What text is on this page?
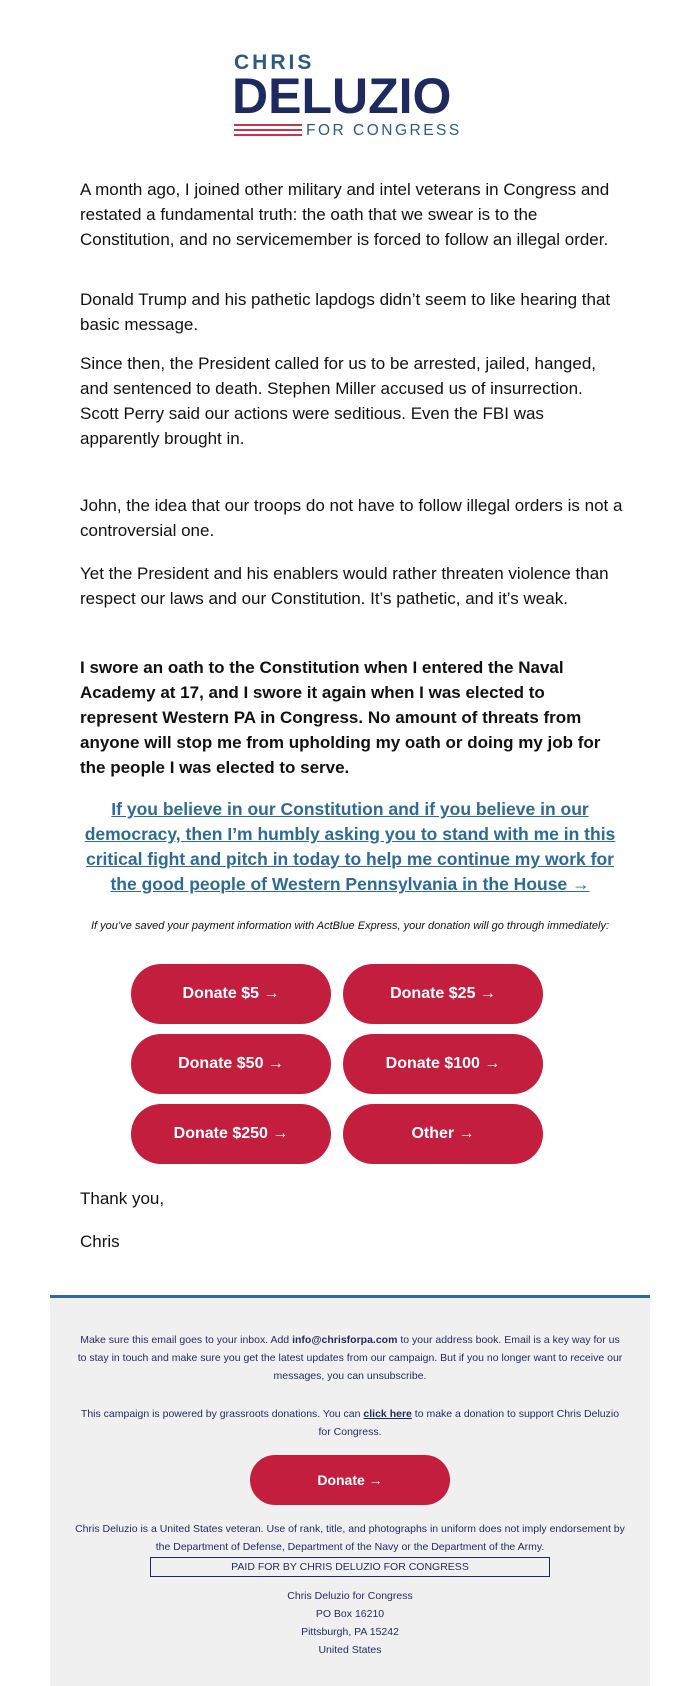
CHRIS
DELUZIO
FOR CONGRESS

A month ago, I joined other military and intel veterans in Congress and restated a fundamental truth: the oath that we swear is to the Constitution, and no servicemember is forced to follow an illegal order.

Donald Trump and his pathetic lapdogs didn’t seem to like hearing that basic message.

Since then, the President called for us to be arrested, jailed, hanged, and sentenced to death. Stephen Miller accused us of insurrection. Scott Perry said our actions were seditious. Even the FBI was apparently brought in.

John, the idea that our troops do not have to follow illegal orders is not a controversial one.

Yet the President and his enablers would rather threaten violence than respect our laws and our Constitution. It’s pathetic, and it’s weak.

I swore an oath to the Constitution when I entered the Naval Academy at 17, and I swore it again when I was elected to represent Western PA in Congress. No amount of threats from anyone will stop me from upholding my oath or doing my job for the people I was elected to serve.

If you believe in our Constitution and if you believe in our democracy, then I’m humbly asking you to stand with me in this critical fight and pitch in today to help me continue my work for the good people of Western Pennsylvania in the House →

If you’ve saved your payment information with ActBlue Express, your donation will go through immediately:

Donate $5 →	Donate $25 →
Donate $50 →	Donate $100 →
Donate $250 →	Other →

Thank you,

Chris

Make sure this email goes to your inbox. Add info@chrisforpa.com to your address book. Email is a key way for us to stay in touch and make sure you get the latest updates from our campaign. But if you no longer want to receive our messages, you can unsubscribe.

This campaign is powered by grassroots donations. You can click here to make a donation to support Chris Deluzio for Congress.

Donate →

Chris Deluzio is a United States veteran. Use of rank, title, and photographs in uniform does not imply endorsement by the Department of Defense, Department of the Navy or the Department of the Army.

PAID FOR BY CHRIS DELUZIO FOR CONGRESS

Chris Deluzio for Congress

PO Box 16210

Pittsburgh, PA 15242

United States
